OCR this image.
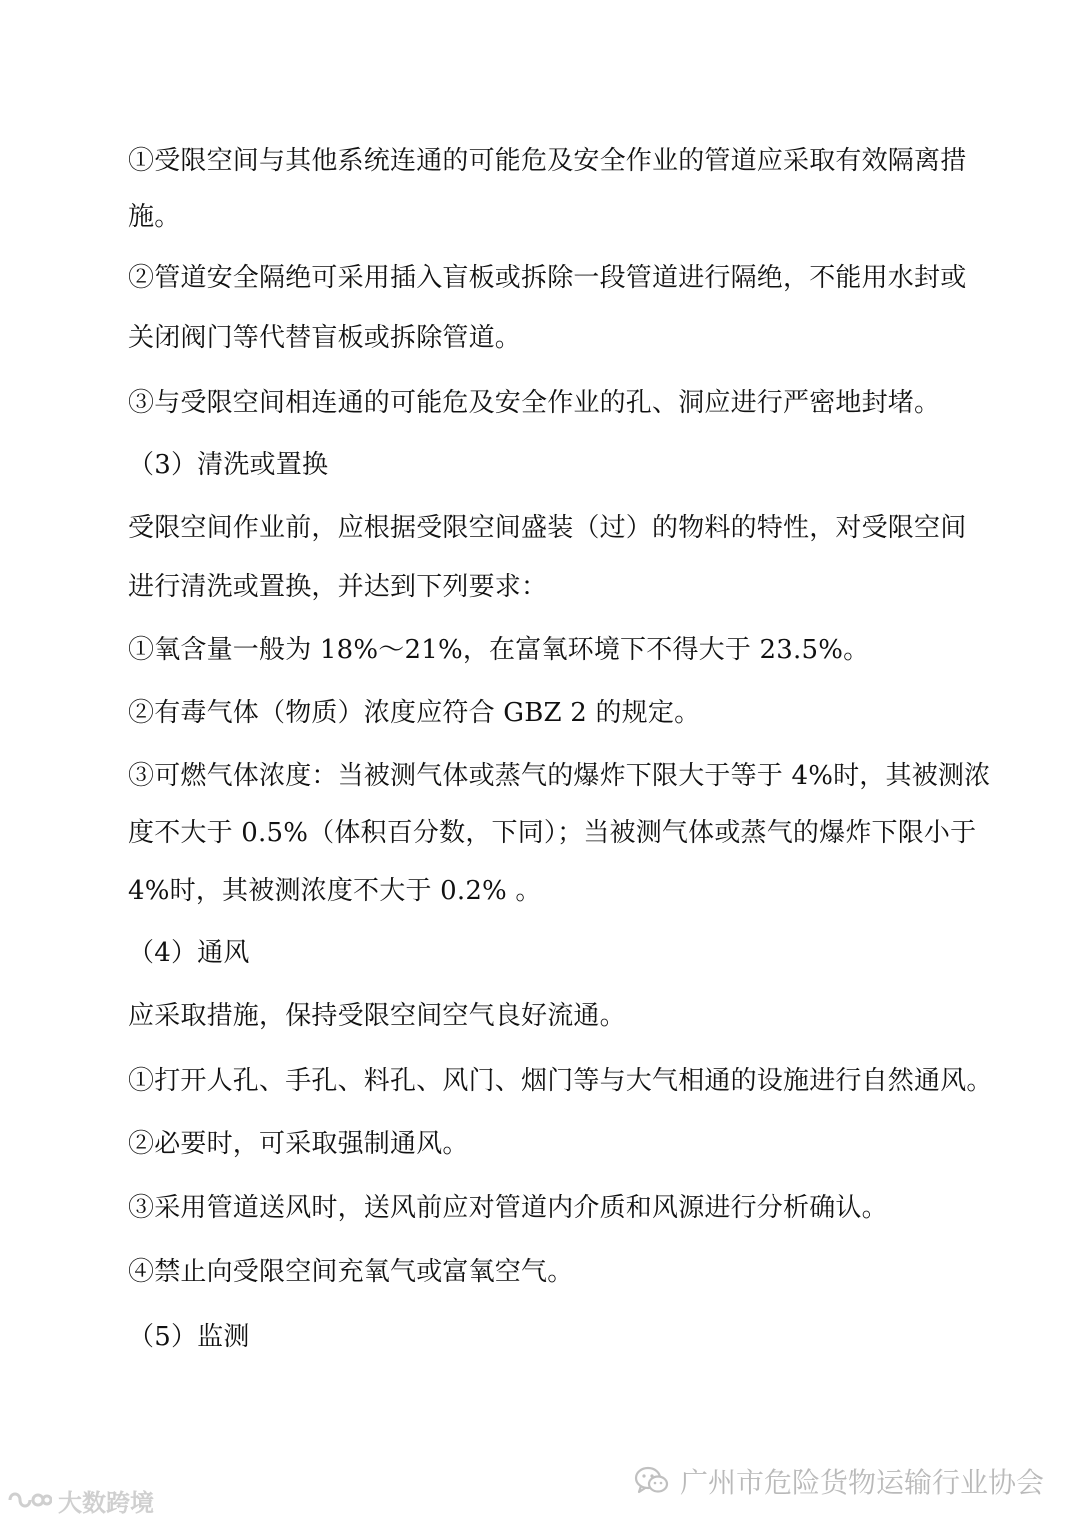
①受限空间与其他系统连通的可能危及安全作业的管道应采取有效隔离措
施。
②管道安全隔绝可采用插入盲板或拆除一段管道进行隔绝，不能用水封或
关闭阀门等代替盲板或拆除管道。
③与受限空间相连通的可能危及安全作业的孔、洞应进行严密地封堵。
（3）清洗或置换
受限空间作业前，应根据受限空间盛装（过）的物料的特性，对受限空间
进行清洗或置换，并达到下列要求：
①氧含量一般为 18%～21%，在富氧环境下不得大于 23.5%。
②有毒气体（物质）浓度应符合 GBZ 2 的规定。
③可燃气体浓度：当被测气体或蒸气的爆炸下限大于等于 4%时，其被测浓
度不大于 0.5%（体积百分数，下同）；当被测气体或蒸气的爆炸下限小于
4%时，其被测浓度不大于 0.2% 。
（4）通风
应采取措施，保持受限空间空气良好流通。
①打开人孔、手孔、料孔、风门、烟门等与大气相通的设施进行自然通风。
②必要时，可采取强制通风。
③采用管道送风时，送风前应对管道内介质和风源进行分析确认。
④禁止向受限空间充氧气或富氧空气。
（5）监测
广州市危险货物运输行业协会
大数跨境
